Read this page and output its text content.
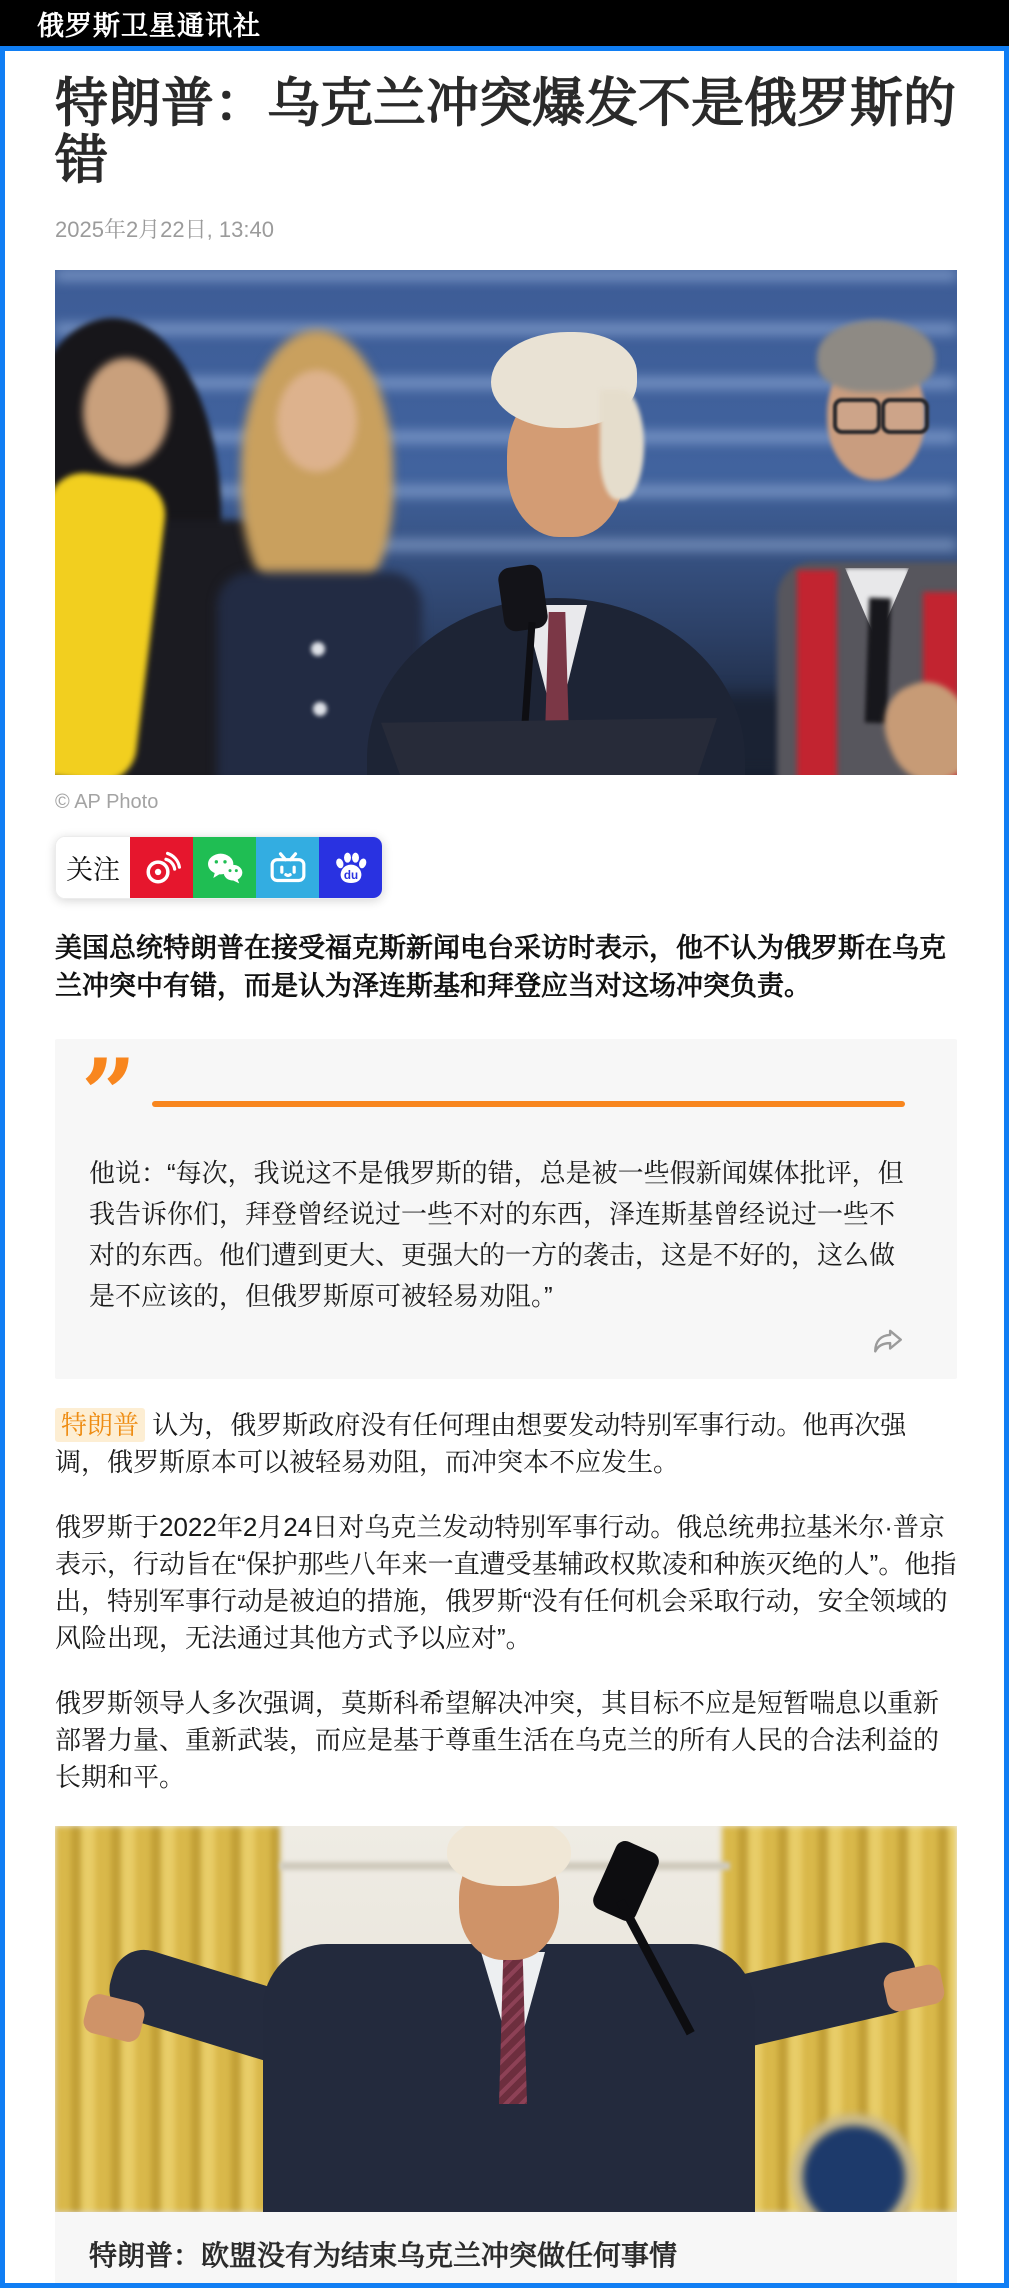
俄罗斯卫星通讯社
特朗普：乌克兰冲突爆发不是俄罗斯的错
2025年2月22日, 13:40
© AP Photo
关注	du

美国总统特朗普在接受福克斯新闻电台采访时表示，他不认为俄罗斯在乌克兰冲突中有错，而是认为泽连斯基和拜登应当对这场冲突负责。

”

他说：“每次，我说这不是俄罗斯的错，总是被一些假新闻媒体批评，但我告诉你们，拜登曾经说过一些不对的东西，泽连斯基曾经说过一些不对的东西。他们遭到更大、更强大的一方的袭击，这是不好的，这么做是不应该的，但俄罗斯原可被轻易劝阻。”

特朗普 认为，俄罗斯政府没有任何理由想要发动特别军事行动。他再次强调，俄罗斯原本可以被轻易劝阻，而冲突本不应发生。

俄罗斯于2022年2月24日对乌克兰发动特别军事行动。俄总统弗拉基米尔·普京表示，行动旨在“保护那些八年来一直遭受基辅政权欺凌和种族灭绝的人”。他指出，特别军事行动是被迫的措施，俄罗斯“没有任何机会采取行动，安全领域的风险出现，无法通过其他方式予以应对”。

俄罗斯领导人多次强调，莫斯科希望解决冲突，其目标不应是短暂喘息以重新部署力量、重新武装，而应是基于尊重生活在乌克兰的所有人民的合法利益的长期和平。

特朗普：欧盟没有为结束乌克兰冲突做任何事情
